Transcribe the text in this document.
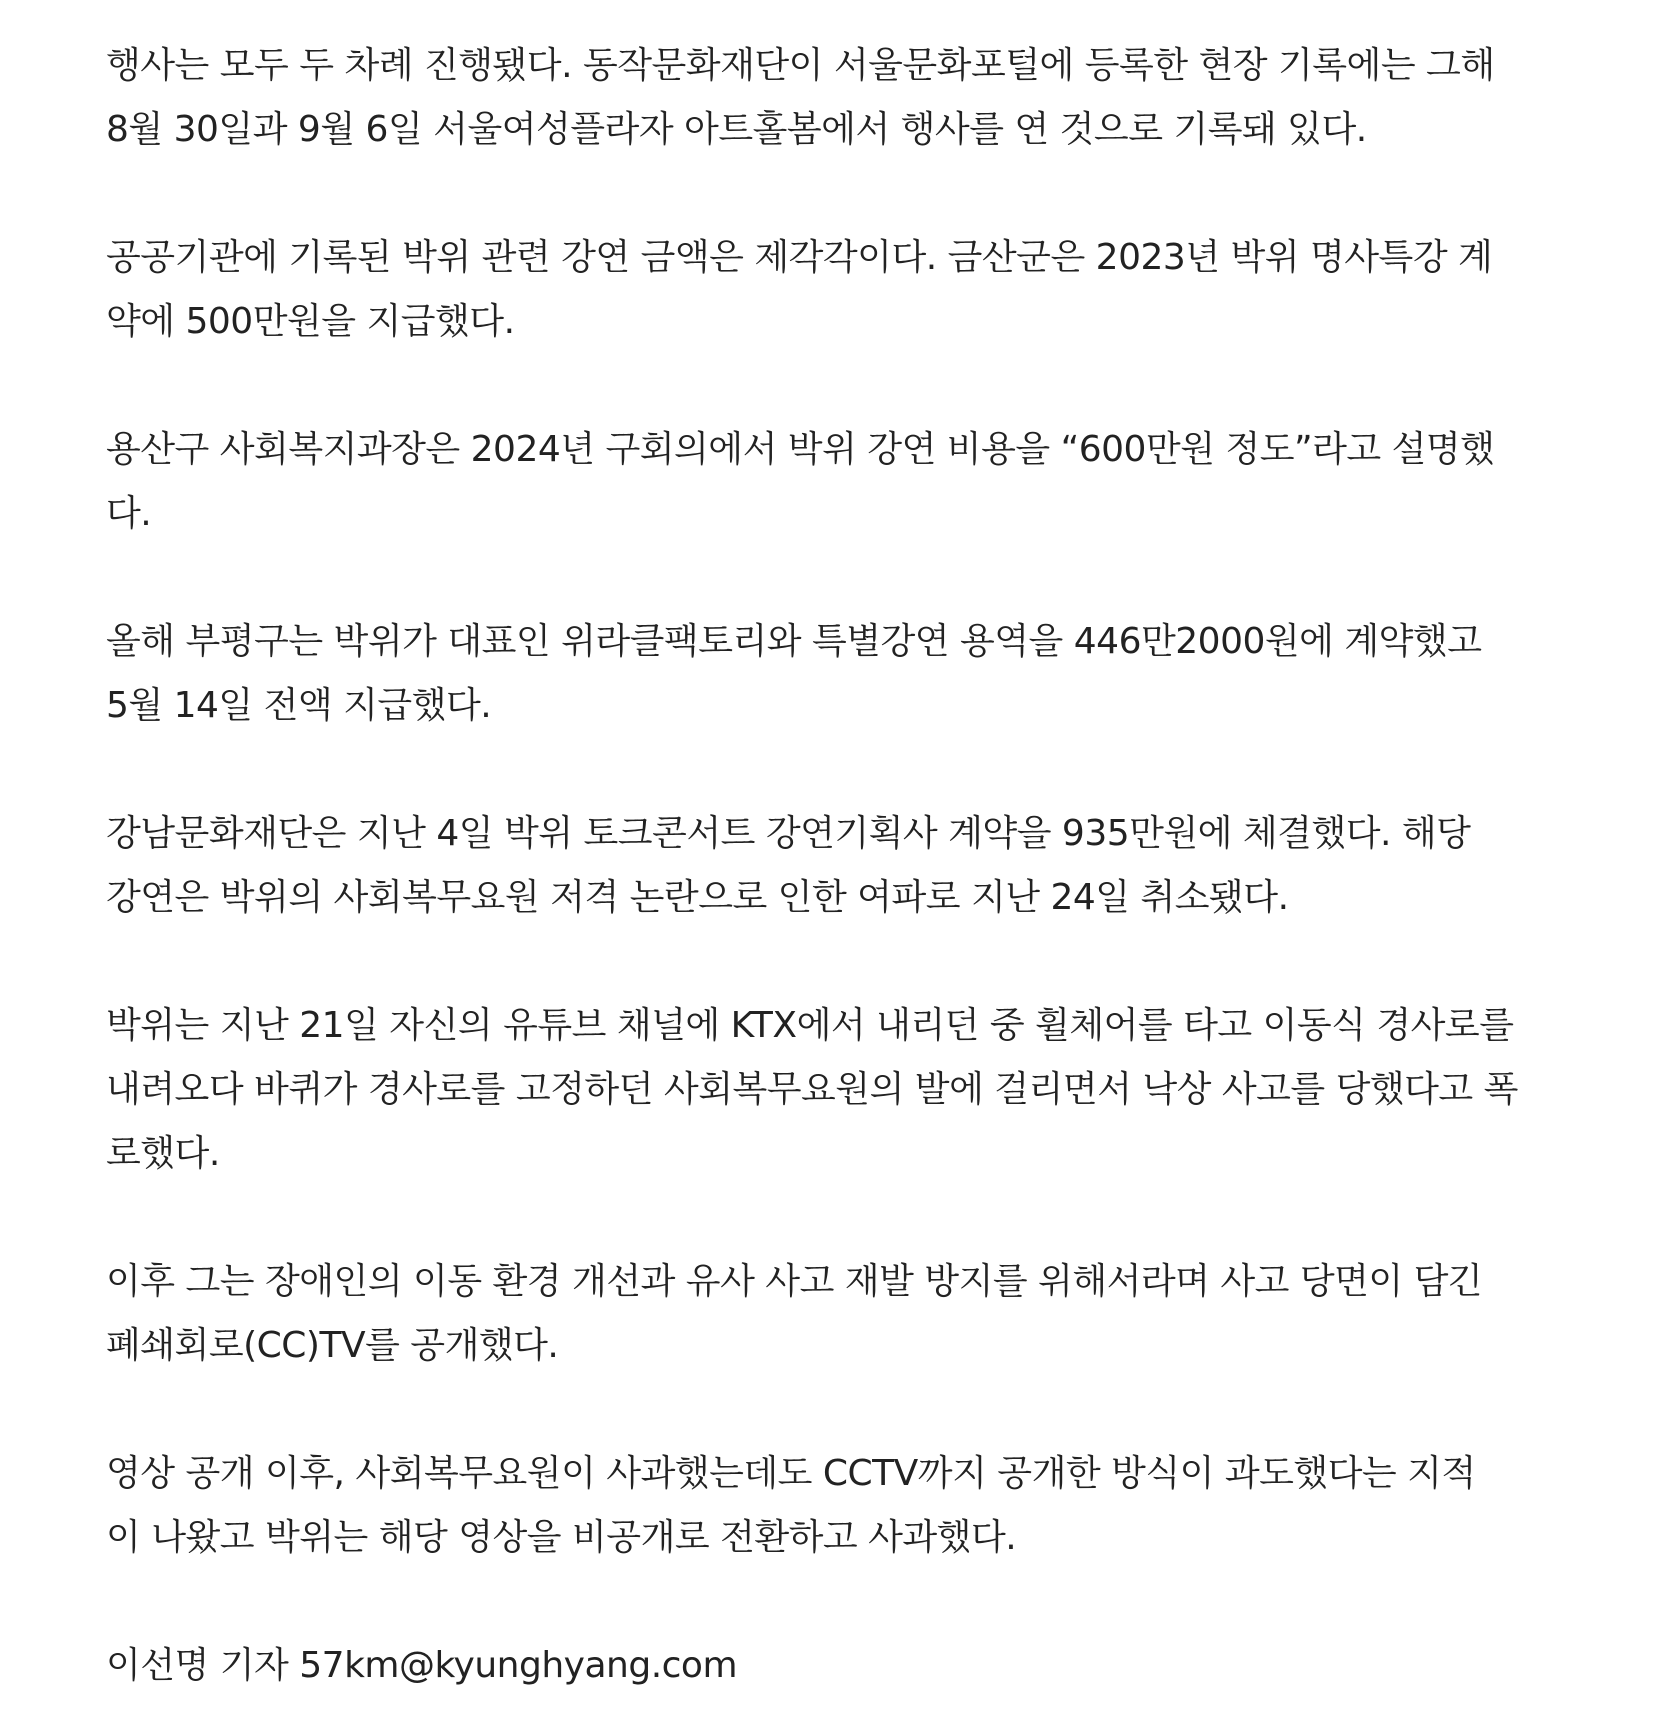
행사는 모두 두 차례 진행됐다. 동작문화재단이 서울문화포털에 등록한 현장 기록에는 그해
8월 30일과 9월 6일 서울여성플라자 아트홀봄에서 행사를 연 것으로 기록돼 있다.

공공기관에 기록된 박위 관련 강연 금액은 제각각이다. 금산군은 2023년 박위 명사특강 계
약에 500만원을 지급했다.

용산구 사회복지과장은 2024년 구회의에서 박위 강연 비용을 “600만원 정도”라고 설명했
다.

올해 부평구는 박위가 대표인 위라클팩토리와 특별강연 용역을 446만2000원에 계약했고
5월 14일 전액 지급했다.

강남문화재단은 지난 4일 박위 토크콘서트 강연기획사 계약을 935만원에 체결했다. 해당
강연은 박위의 사회복무요원 저격 논란으로 인한 여파로 지난 24일 취소됐다.

박위는 지난 21일 자신의 유튜브 채널에 KTX에서 내리던 중 휠체어를 타고 이동식 경사로를
내려오다 바퀴가 경사로를 고정하던 사회복무요원의 발에 걸리면서 낙상 사고를 당했다고 폭
로했다.

이후 그는 장애인의 이동 환경 개선과 유사 사고 재발 방지를 위해서라며 사고 당면이 담긴
폐쇄회로(CC)TV를 공개했다.

영상 공개 이후, 사회복무요원이 사과했는데도 CCTV까지 공개한 방식이 과도했다는 지적
이 나왔고 박위는 해당 영상을 비공개로 전환하고 사과했다.

이선명 기자 57km@kyunghyang.com
